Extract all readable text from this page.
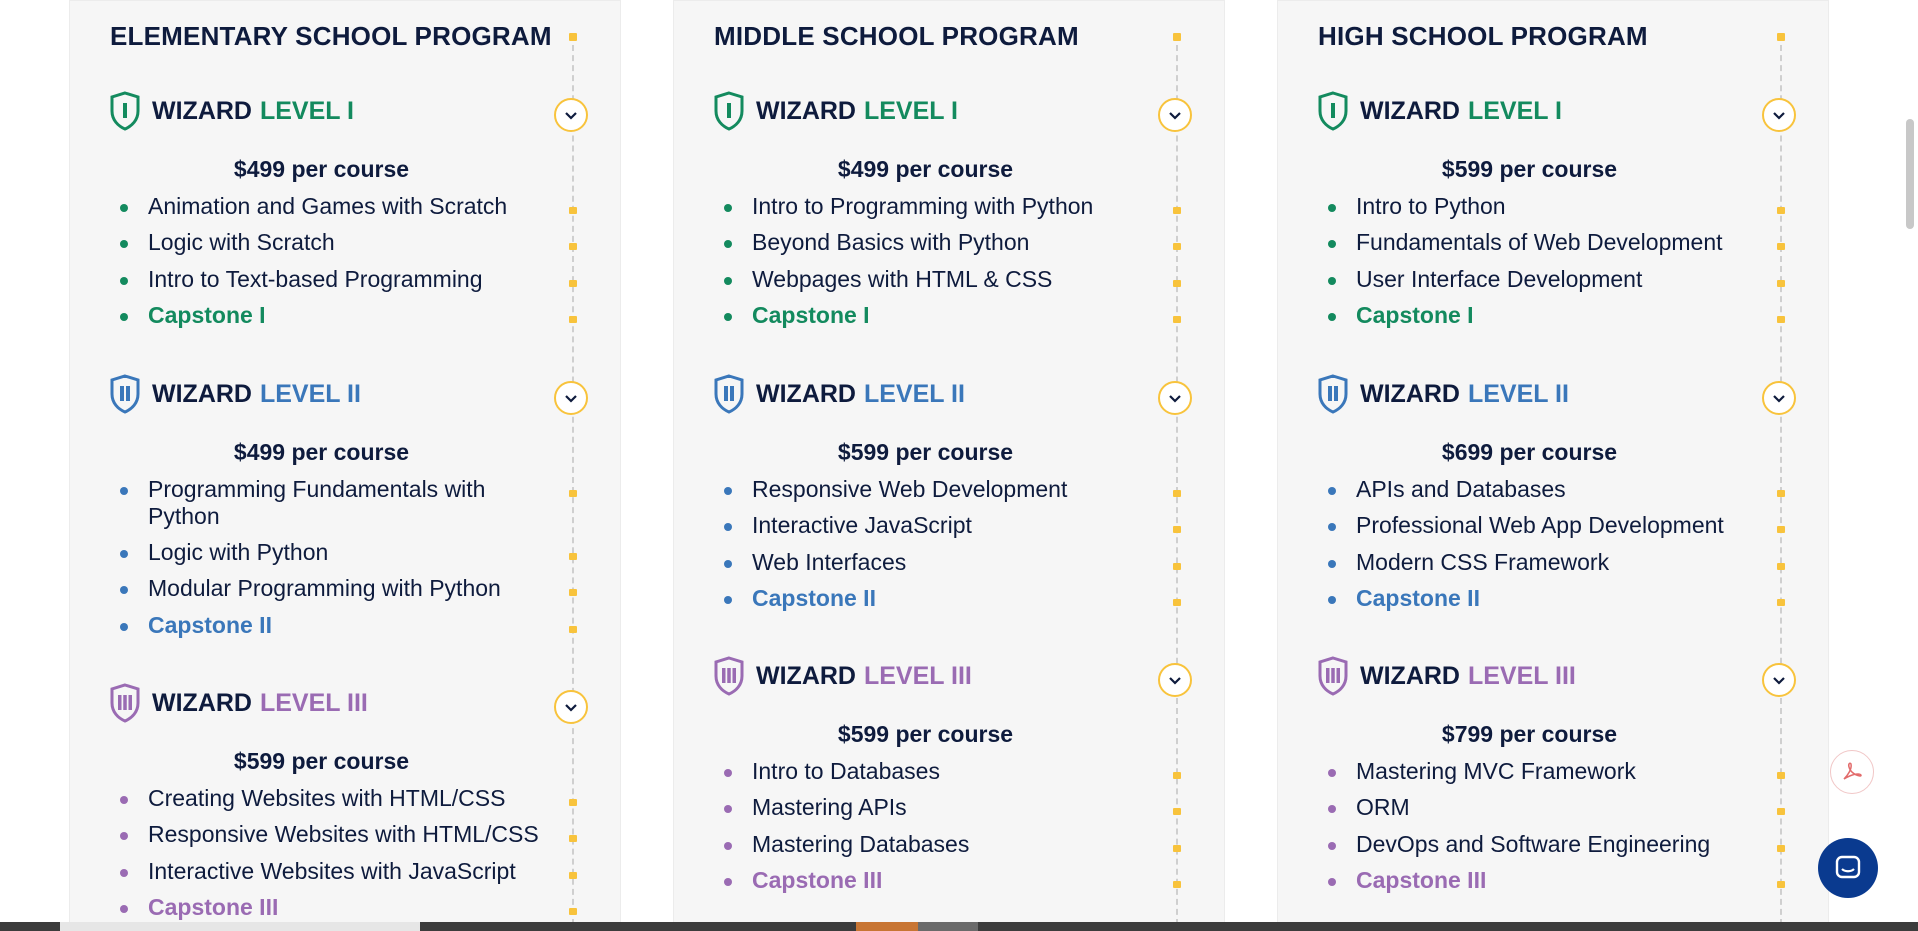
ELEMENTARY SCHOOL PROGRAM
WIZARD LEVEL I
$499 per course
Animation and Games with Scratch
Logic with Scratch
Intro to Text-based Programming
Capstone I
WIZARD LEVEL II
$499 per course
Programming Fundamentals with Python
Logic with Python
Modular Programming with Python
Capstone II
WIZARD LEVEL III
$599 per course
Creating Websites with HTML/CSS
Responsive Websites with HTML/CSS
Interactive Websites with JavaScript
Capstone III
MIDDLE SCHOOL PROGRAM
WIZARD LEVEL I
$499 per course
Intro to Programming with Python
Beyond Basics with Python
Webpages with HTML & CSS
Capstone I
WIZARD LEVEL II
$599 per course
Responsive Web Development
Interactive JavaScript
Web Interfaces
Capstone II
WIZARD LEVEL III
$599 per course
Intro to Databases
Mastering APIs
Mastering Databases
Capstone III
HIGH SCHOOL PROGRAM
WIZARD LEVEL I
$599 per course
Intro to Python
Fundamentals of Web Development
User Interface Development
Capstone I
WIZARD LEVEL II
$699 per course
APIs and Databases
Professional Web App Development
Modern CSS Framework
Capstone II
WIZARD LEVEL III
$799 per course
Mastering MVC Framework
ORM
DevOps and Software Engineering
Capstone III
